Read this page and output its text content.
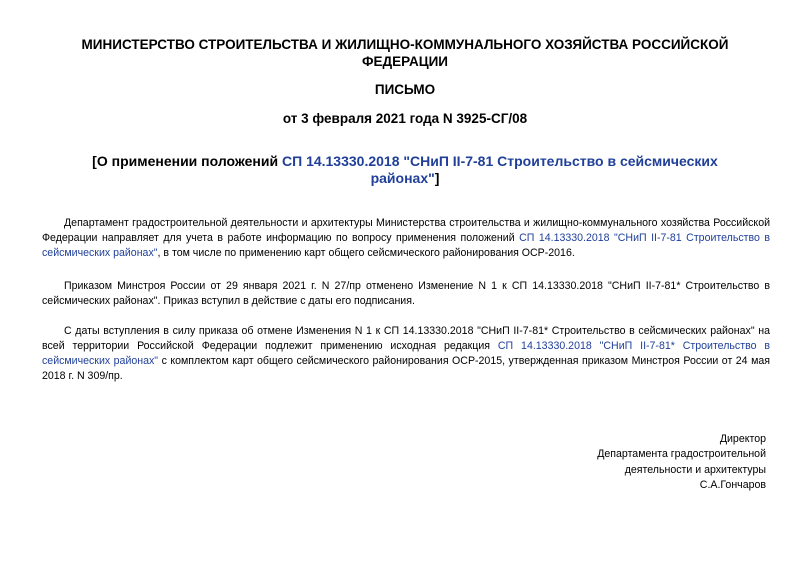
МИНИСТЕРСТВО СТРОИТЕЛЬСТВА И ЖИЛИЩНО-КОММУНАЛЬНОГО ХОЗЯЙСТВА РОССИЙСКОЙ ФЕДЕРАЦИИ
ПИСЬМО
от 3 февраля 2021 года N 3925-СГ/08
[О применении положений СП 14.13330.2018 "СНиП II-7-81 Строительство в сейсмических районах"]
Департамент градостроительной деятельности и архитектуры Министерства строительства и жилищно-коммунального хозяйства Российской Федерации направляет для учета в работе информацию по вопросу применения положений СП 14.13330.2018 "СНиП II-7-81 Строительство в сейсмических районах", в том числе по применению карт общего сейсмического районирования ОСР-2016.
Приказом Минстроя России от 29 января 2021 г. N 27/пр отменено Изменение N 1 к СП 14.13330.2018 "СНиП II-7-81* Строительство в сейсмических районах". Приказ вступил в действие с даты его подписания.
С даты вступления в силу приказа об отмене Изменения N 1 к СП 14.13330.2018 "СНиП II-7-81* Строительство в сейсмических районах" на всей территории Российской Федерации подлежит применению исходная редакция СП 14.13330.2018 "СНиП II-7-81* Строительство в сейсмических районах" с комплектом карт общего сейсмического районирования ОСР-2015, утвержденная приказом Минстроя России от 24 мая 2018 г. N 309/пр.
Директор
Департамента градостроительной
деятельности и архитектуры
С.А.Гончаров
